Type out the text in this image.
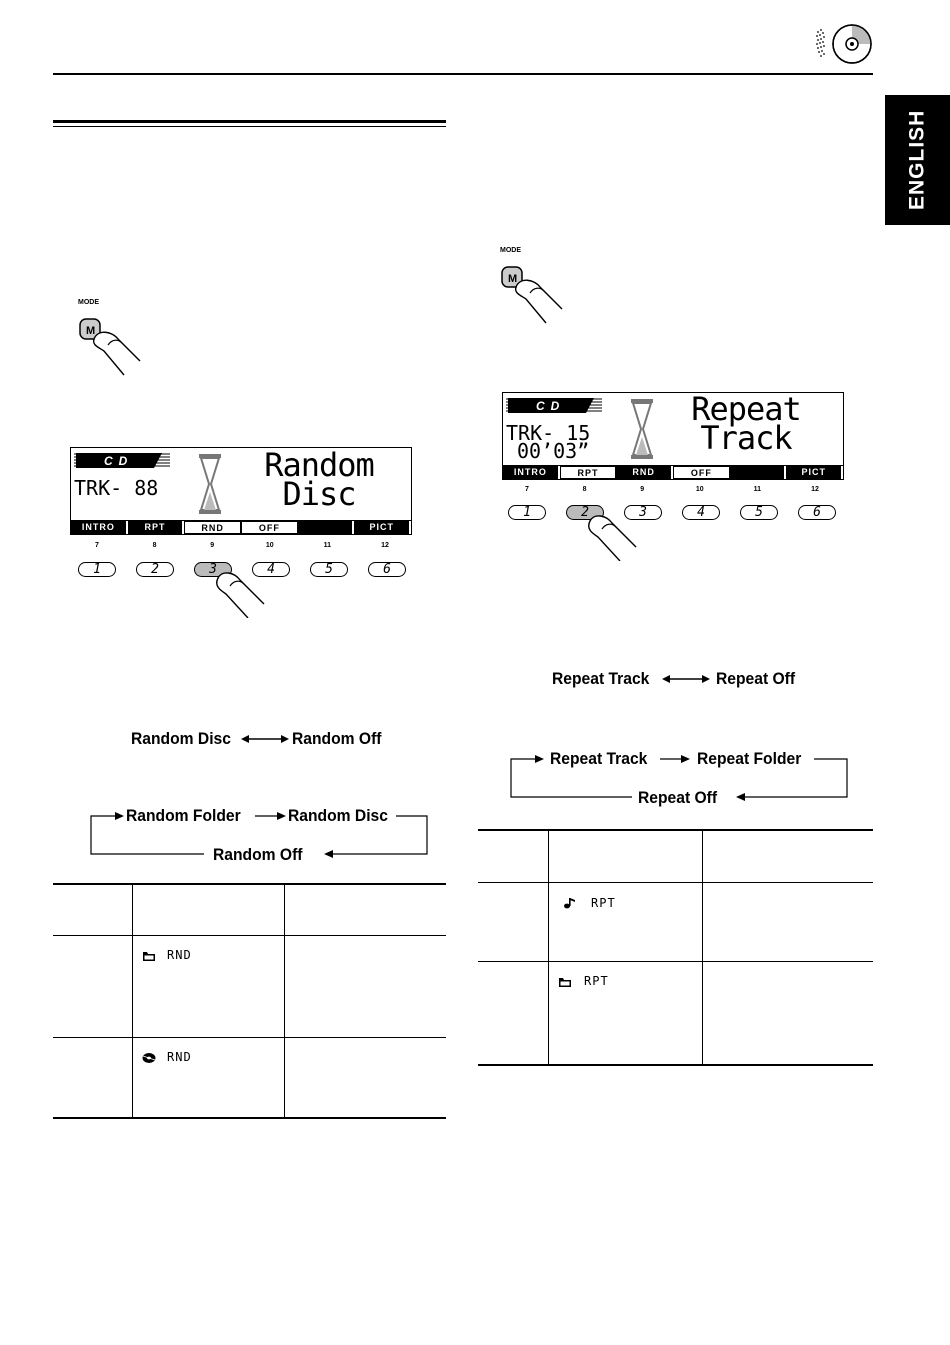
ENGLISH
MODE
M
CD
TRK- 88
Random
Disc
INTRO	RPT	RND	OFF	PICT
7	8	9	10	11	12
1	2	3	4	5	6
Random Disc	Random Off
Random Folder	Random Disc
Random Off
RND
RND
MODE
M
CD
TRK- 15
00’03”
Repeat
Track
INTRO	RPT	RND	OFF	PICT
7	8	9	10	11	12
1	2	3	4	5	6
Repeat Track	Repeat Off
Repeat Track	Repeat Folder
Repeat Off
RPT
RPT
